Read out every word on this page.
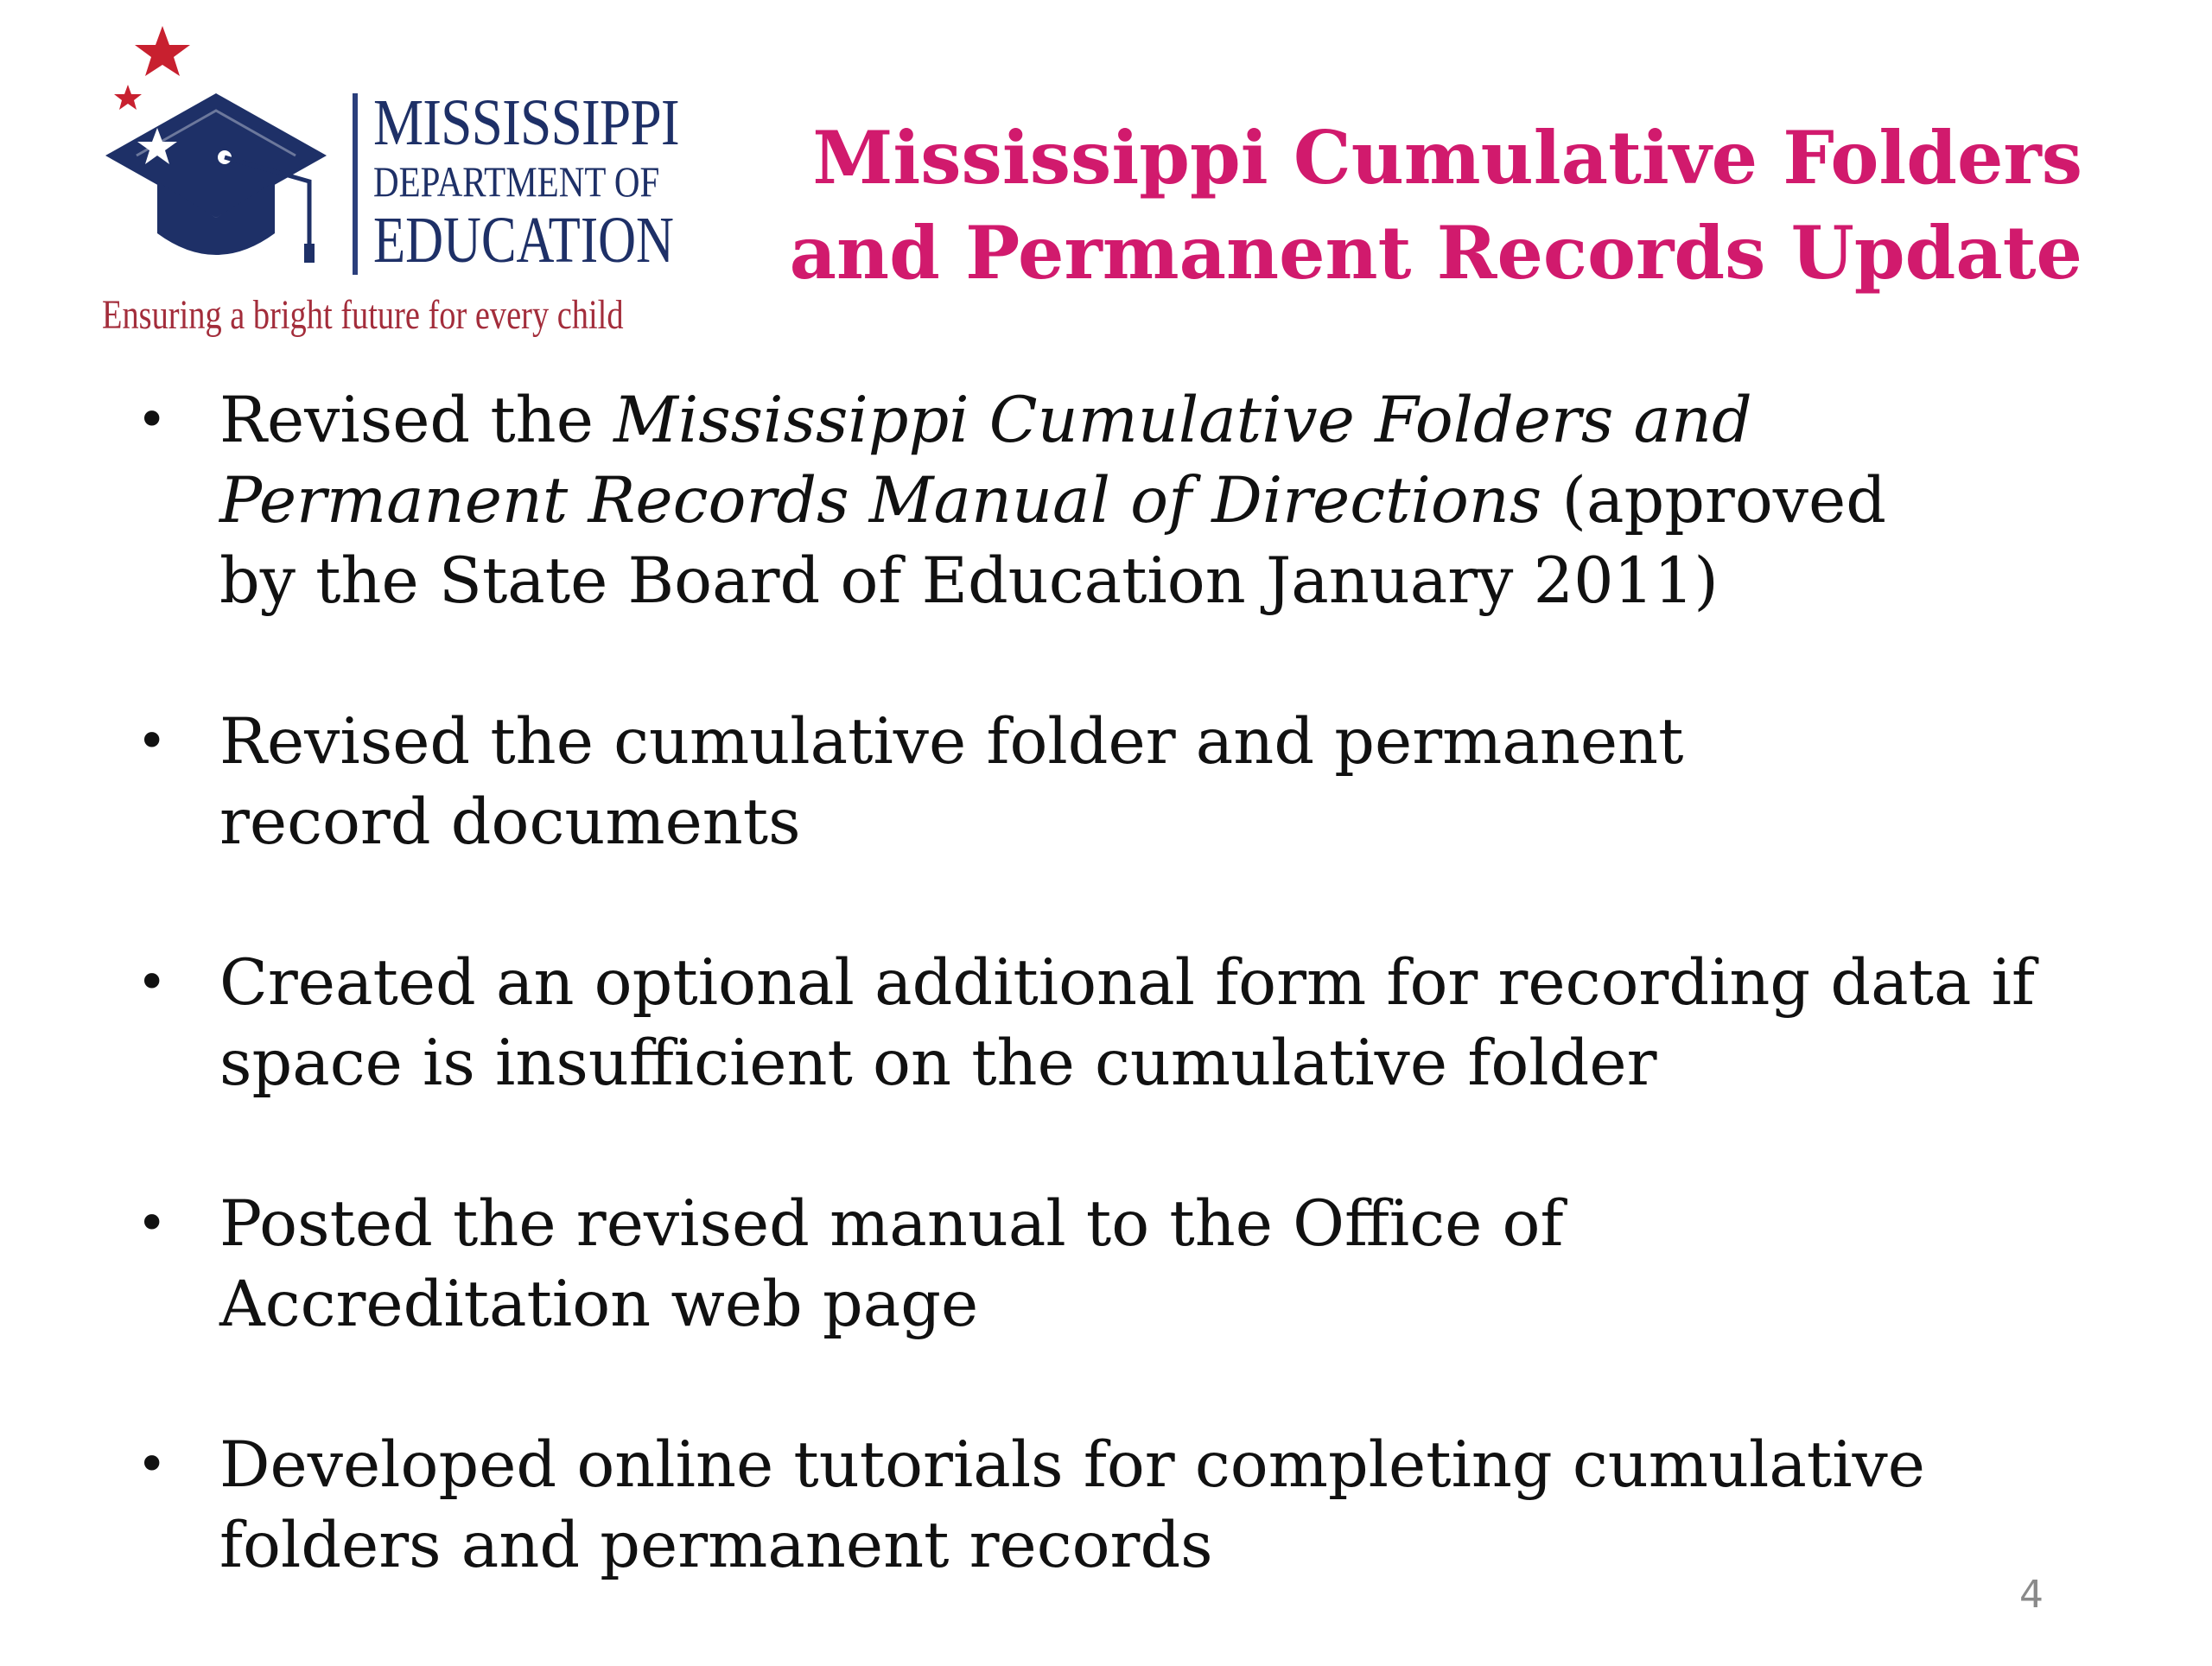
MISSISSIPPI
DEPARTMENT OF
EDUCATION
Ensuring a bright future for every child
Mississippi Cumulative Folders
and Permanent Records Update
• Revised the Mississippi Cumulative Folders and
Permanent Records Manual of Directions (approved
by the State Board of Education January 2011)
• Revised the cumulative folder and permanent
record documents
• Created an optional additional form for recording data if
space is insufficient on the cumulative folder
• Posted the revised manual to the Office of
Accreditation web page
• Developed online tutorials for completing cumulative
folders and permanent records
4
